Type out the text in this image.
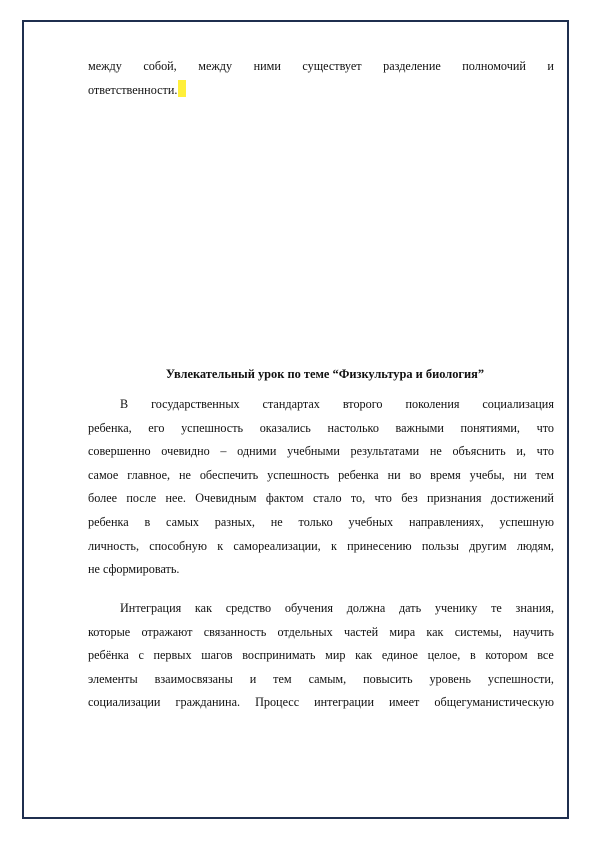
между собой, между ними существует разделение полномочий и
ответственности.
Увлекательный урок по теме “Физкультура и биология”
В государственных стандартах второго поколения социализация
ребенка, его успешность оказались настолько важными понятиями, что
совершенно очевидно – одними учебными результатами не объяснить и, что
самое главное, не обеспечить успешность ребенка ни во время учебы, ни тем
более после нее. Очевидным фактом стало то, что без признания достижений
ребенка в самых разных, не только учебных направлениях, успешную
личность, способную к самореализации, к принесению пользы другим людям,
не сформировать.
Интеграция как средство обучения должна дать ученику те знания,
которые отражают связанность отдельных частей мира как системы, научить
ребёнка с первых шагов воспринимать мир как единое целое, в котором все
элементы взаимосвязаны и тем самым, повысить уровень успешности,
социализации гражданина. Процесс интеграции имеет общегуманистическую
